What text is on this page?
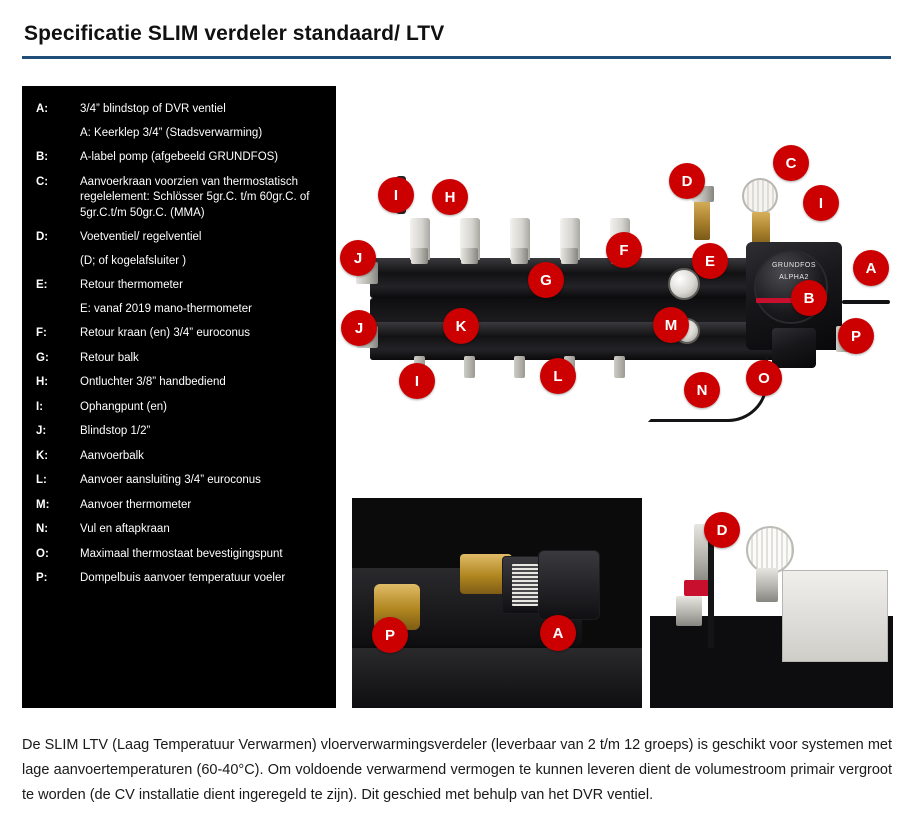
Specificatie SLIM verdeler standaard/ LTV
A:	3/4” blindstop of DVR ventiel
A: Keerklep 3/4” (Stadsverwarming)
B:	A-label pomp (afgebeeld GRUNDFOS)
C:	Aanvoerkraan voorzien van thermostatisch regelelement: Schlösser 5gr.C. t/m 60gr.C. of 5gr.C.t/m 50gr.C. (MMA)
D:	Voetventiel/ regelventiel
(D; of kogelafsluiter )
E:	Retour thermometer
E: vanaf 2019 mano-thermometer
F:	Retour kraan (en) 3/4” euroconus
G:	Retour balk
H:	Ontluchter 3/8” handbediend
I:	Ophangpunt (en)
J:	Blindstop 1/2”
K:	Aanvoerbalk
L:	Aanvoer aansluiting 3/4” euroconus
M:	Aanvoer thermometer
N:	Vul en aftapkraan
O:	Maximaal thermostaat bevestigingspunt
P:	Dompelbuis aanvoer temperatuur voeler
GRUNDFOS
ALPHA2
C
D
I	H	I
J	F
E
G
A
B
J	K	M
P
I	L	O
N
P	A
D
De SLIM LTV (Laag Temperatuur Verwarmen) vloerverwarmingsverdeler (leverbaar van 2 t/m 12 groeps) is geschikt voor systemen met lage aanvoertemperaturen (60-40°C). Om voldoende verwarmend vermogen te kunnen leveren dient de volumestroom primair vergroot te worden (de CV installatie dient ingeregeld te zijn). Dit geschied met behulp van het DVR ventiel.
